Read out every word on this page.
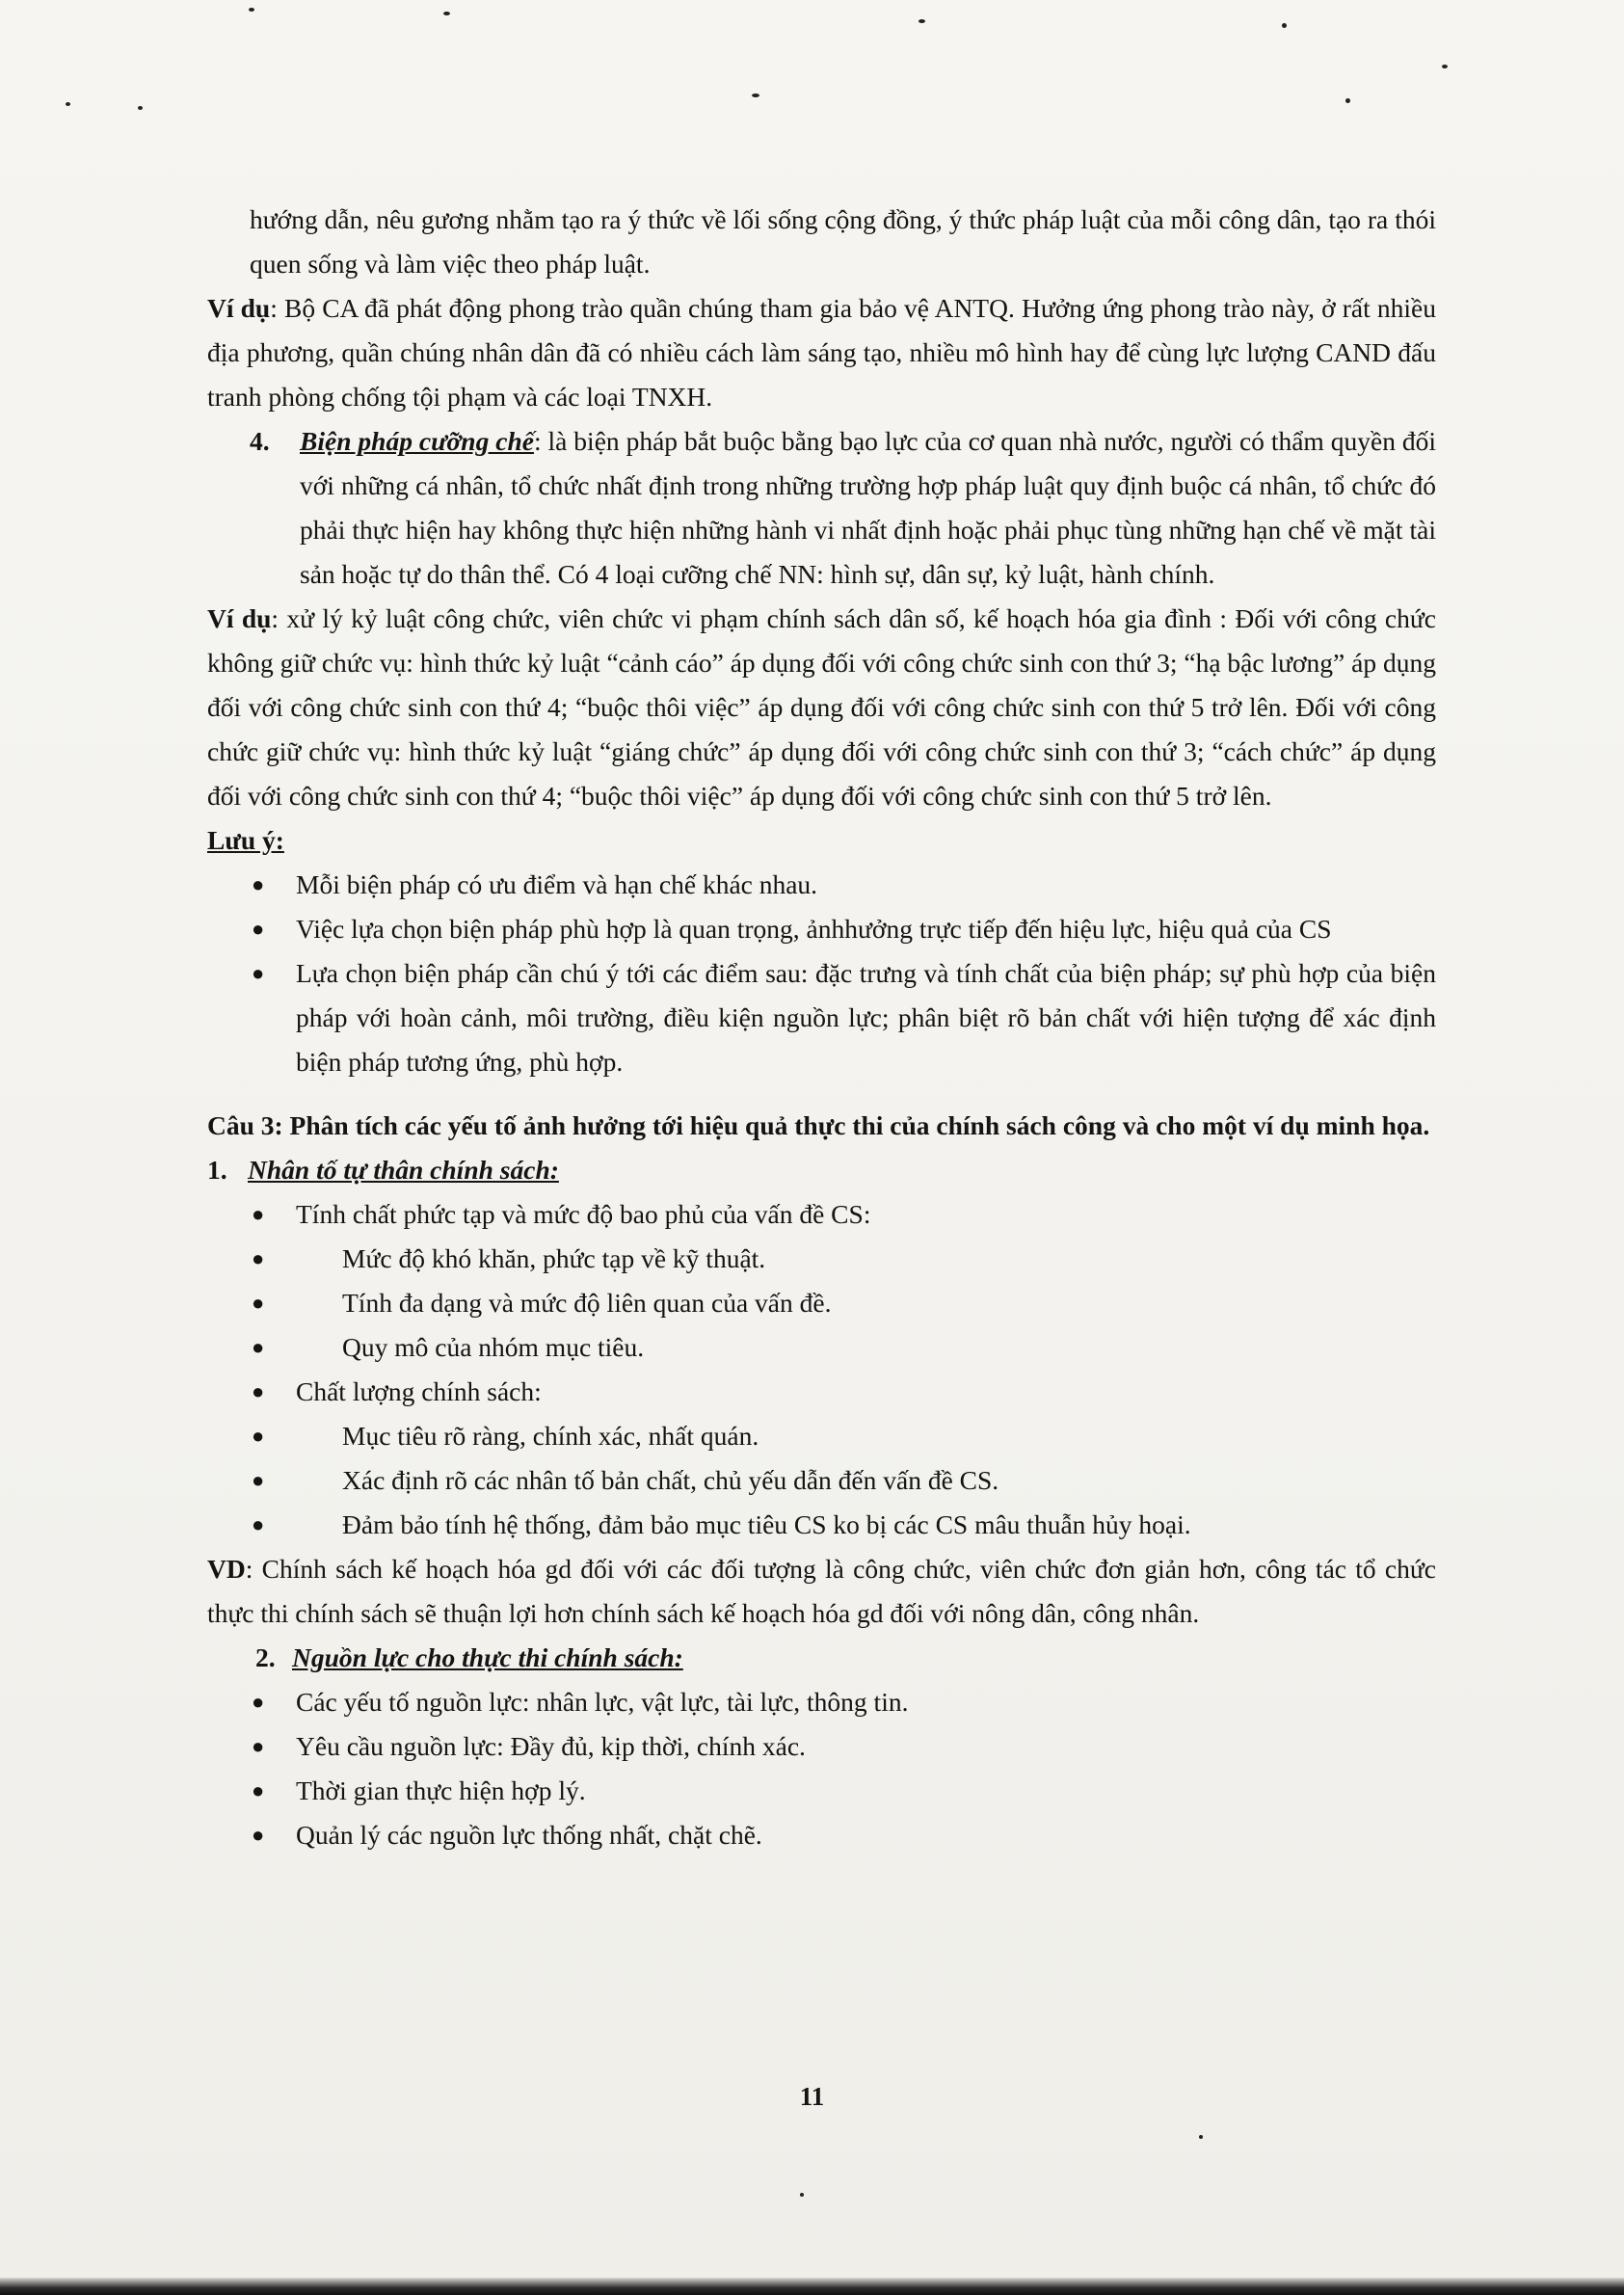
hướng dẫn, nêu gương nhằm tạo ra ý thức về lối sống cộng đồng, ý thức pháp luật của mỗi công dân, tạo ra thói quen sống và làm việc theo pháp luật.

Ví dụ: Bộ CA đã phát động phong trào quần chúng tham gia bảo vệ ANTQ. Hưởng ứng phong trào này, ở rất nhiều địa phương, quần chúng nhân dân đã có nhiều cách làm sáng tạo, nhiều mô hình hay để cùng lực lượng CAND đấu tranh phòng chống tội phạm và các loại TNXH.

4. Biện pháp cưỡng chế: là biện pháp bắt buộc bằng bạo lực của cơ quan nhà nước, người có thẩm quyền đối với những cá nhân, tổ chức nhất định trong những trường hợp pháp luật quy định buộc cá nhân, tổ chức đó phải thực hiện hay không thực hiện những hành vi nhất định hoặc phải phục tùng những hạn chế về mặt tài sản hoặc tự do thân thể. Có 4 loại cưỡng chế NN: hình sự, dân sự, kỷ luật, hành chính.

Ví dụ: xử lý kỷ luật công chức, viên chức vi phạm chính sách dân số, kế hoạch hóa gia đình : Đối với công chức không giữ chức vụ: hình thức kỷ luật “cảnh cáo” áp dụng đối với công chức sinh con thứ 3; “hạ bậc lương” áp dụng đối với công chức sinh con thứ 4; “buộc thôi việc” áp dụng đối với công chức sinh con thứ 5 trở lên. Đối với công chức giữ chức vụ: hình thức kỷ luật “giáng chức” áp dụng đối với công chức sinh con thứ 3; “cách chức” áp dụng đối với công chức sinh con thứ 4; “buộc thôi việc” áp dụng đối với công chức sinh con thứ 5 trở lên.

Lưu ý:

● Mỗi biện pháp có ưu điểm và hạn chế khác nhau.

● Việc lựa chọn biện pháp phù hợp là quan trọng, ảnhhưởng trực tiếp đến hiệu lực, hiệu quả của CS

● Lựa chọn biện pháp cần chú ý tới các điểm sau: đặc trưng và tính chất của biện pháp; sự phù hợp của biện pháp với hoàn cảnh, môi trường, điều kiện nguồn lực; phân biệt rõ bản chất với hiện tượng để xác định biện pháp tương ứng, phù hợp.

Câu 3: Phân tích các yếu tố ảnh hưởng tới hiệu quả thực thi của chính sách công và cho một ví dụ minh họa.

1. Nhân tố tự thân chính sách:

● Tính chất phức tạp và mức độ bao phủ của vấn đề CS:

●	Mức độ khó khăn, phức tạp về kỹ thuật.

●	Tính đa dạng và mức độ liên quan của vấn đề.

●	Quy mô của nhóm mục tiêu.

● Chất lượng chính sách:

●	Mục tiêu rõ ràng, chính xác, nhất quán.

●	Xác định rõ các nhân tố bản chất, chủ yếu dẫn đến vấn đề CS.

●	Đảm bảo tính hệ thống, đảm bảo mục tiêu CS ko bị các CS mâu thuẫn hủy hoại.

VD: Chính sách kế hoạch hóa gd đối với các đối tượng là công chức, viên chức đơn giản hơn, công tác tổ chức thực thi chính sách sẽ thuận lợi hơn chính sách kế hoạch hóa gd đối với nông dân, công nhân.

2. Nguồn lực cho thực thi chính sách:

● Các yếu tố nguồn lực: nhân lực, vật lực, tài lực, thông tin.

● Yêu cầu nguồn lực: Đầy đủ, kịp thời, chính xác.

● Thời gian thực hiện hợp lý.

● Quản lý các nguồn lực thống nhất, chặt chẽ.

11
